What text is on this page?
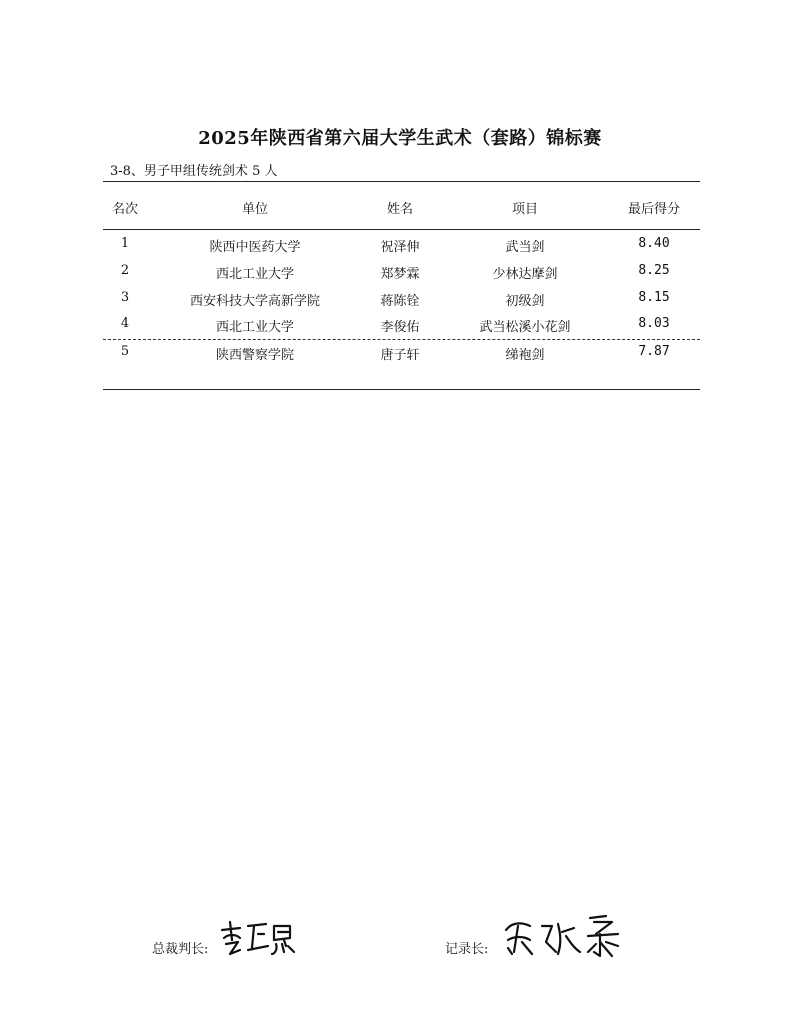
2025年陕西省第六届大学生武术（套路）锦标赛
3-8、男子甲组传统剑术 5 人
名次	单位	姓名	项目	最后得分
1	陕西中医药大学	祝泽伸	武当剑	8.40
2	西北工业大学	郑梦霖	少林达摩剑	8.25
3	西安科技大学高新学院	蒋陈铨	初级剑	8.15
4	西北工业大学	李俊佑	武当松溪小花剑	8.03
5	陕西警察学院	唐子轩	绨袍剑	7.87
总裁判长:	记录长:
